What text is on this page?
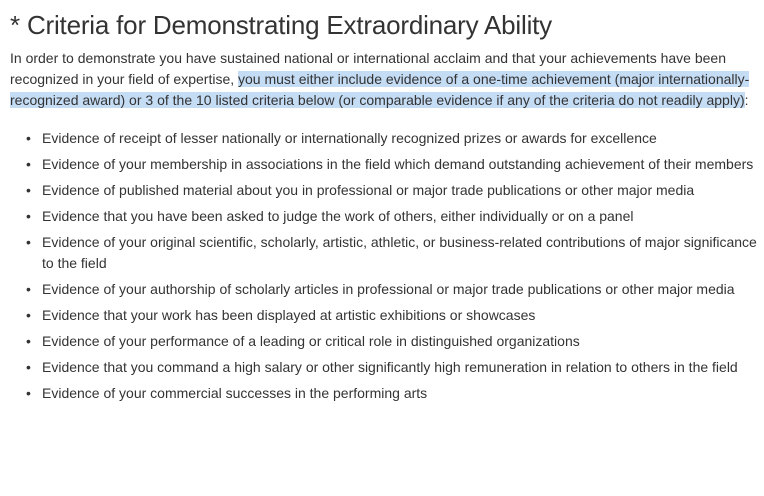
* Criteria for Demonstrating Extraordinary Ability

In order to demonstrate you have sustained national or international acclaim and that your achievements have been recognized in your field of expertise, you must either include evidence of a one-time achievement (major internationally-recognized award) or 3 of the 10 listed criteria below (or comparable evidence if any of the criteria do not readily apply):

• Evidence of receipt of lesser nationally or internationally recognized prizes or awards for excellence
• Evidence of your membership in associations in the field which demand outstanding achievement of their members
• Evidence of published material about you in professional or major trade publications or other major media
• Evidence that you have been asked to judge the work of others, either individually or on a panel
• Evidence of your original scientific, scholarly, artistic, athletic, or business-related contributions of major significance to the field
• Evidence of your authorship of scholarly articles in professional or major trade publications or other major media
• Evidence that your work has been displayed at artistic exhibitions or showcases
• Evidence of your performance of a leading or critical role in distinguished organizations
• Evidence that you command a high salary or other significantly high remuneration in relation to others in the field
• Evidence of your commercial successes in the performing arts
